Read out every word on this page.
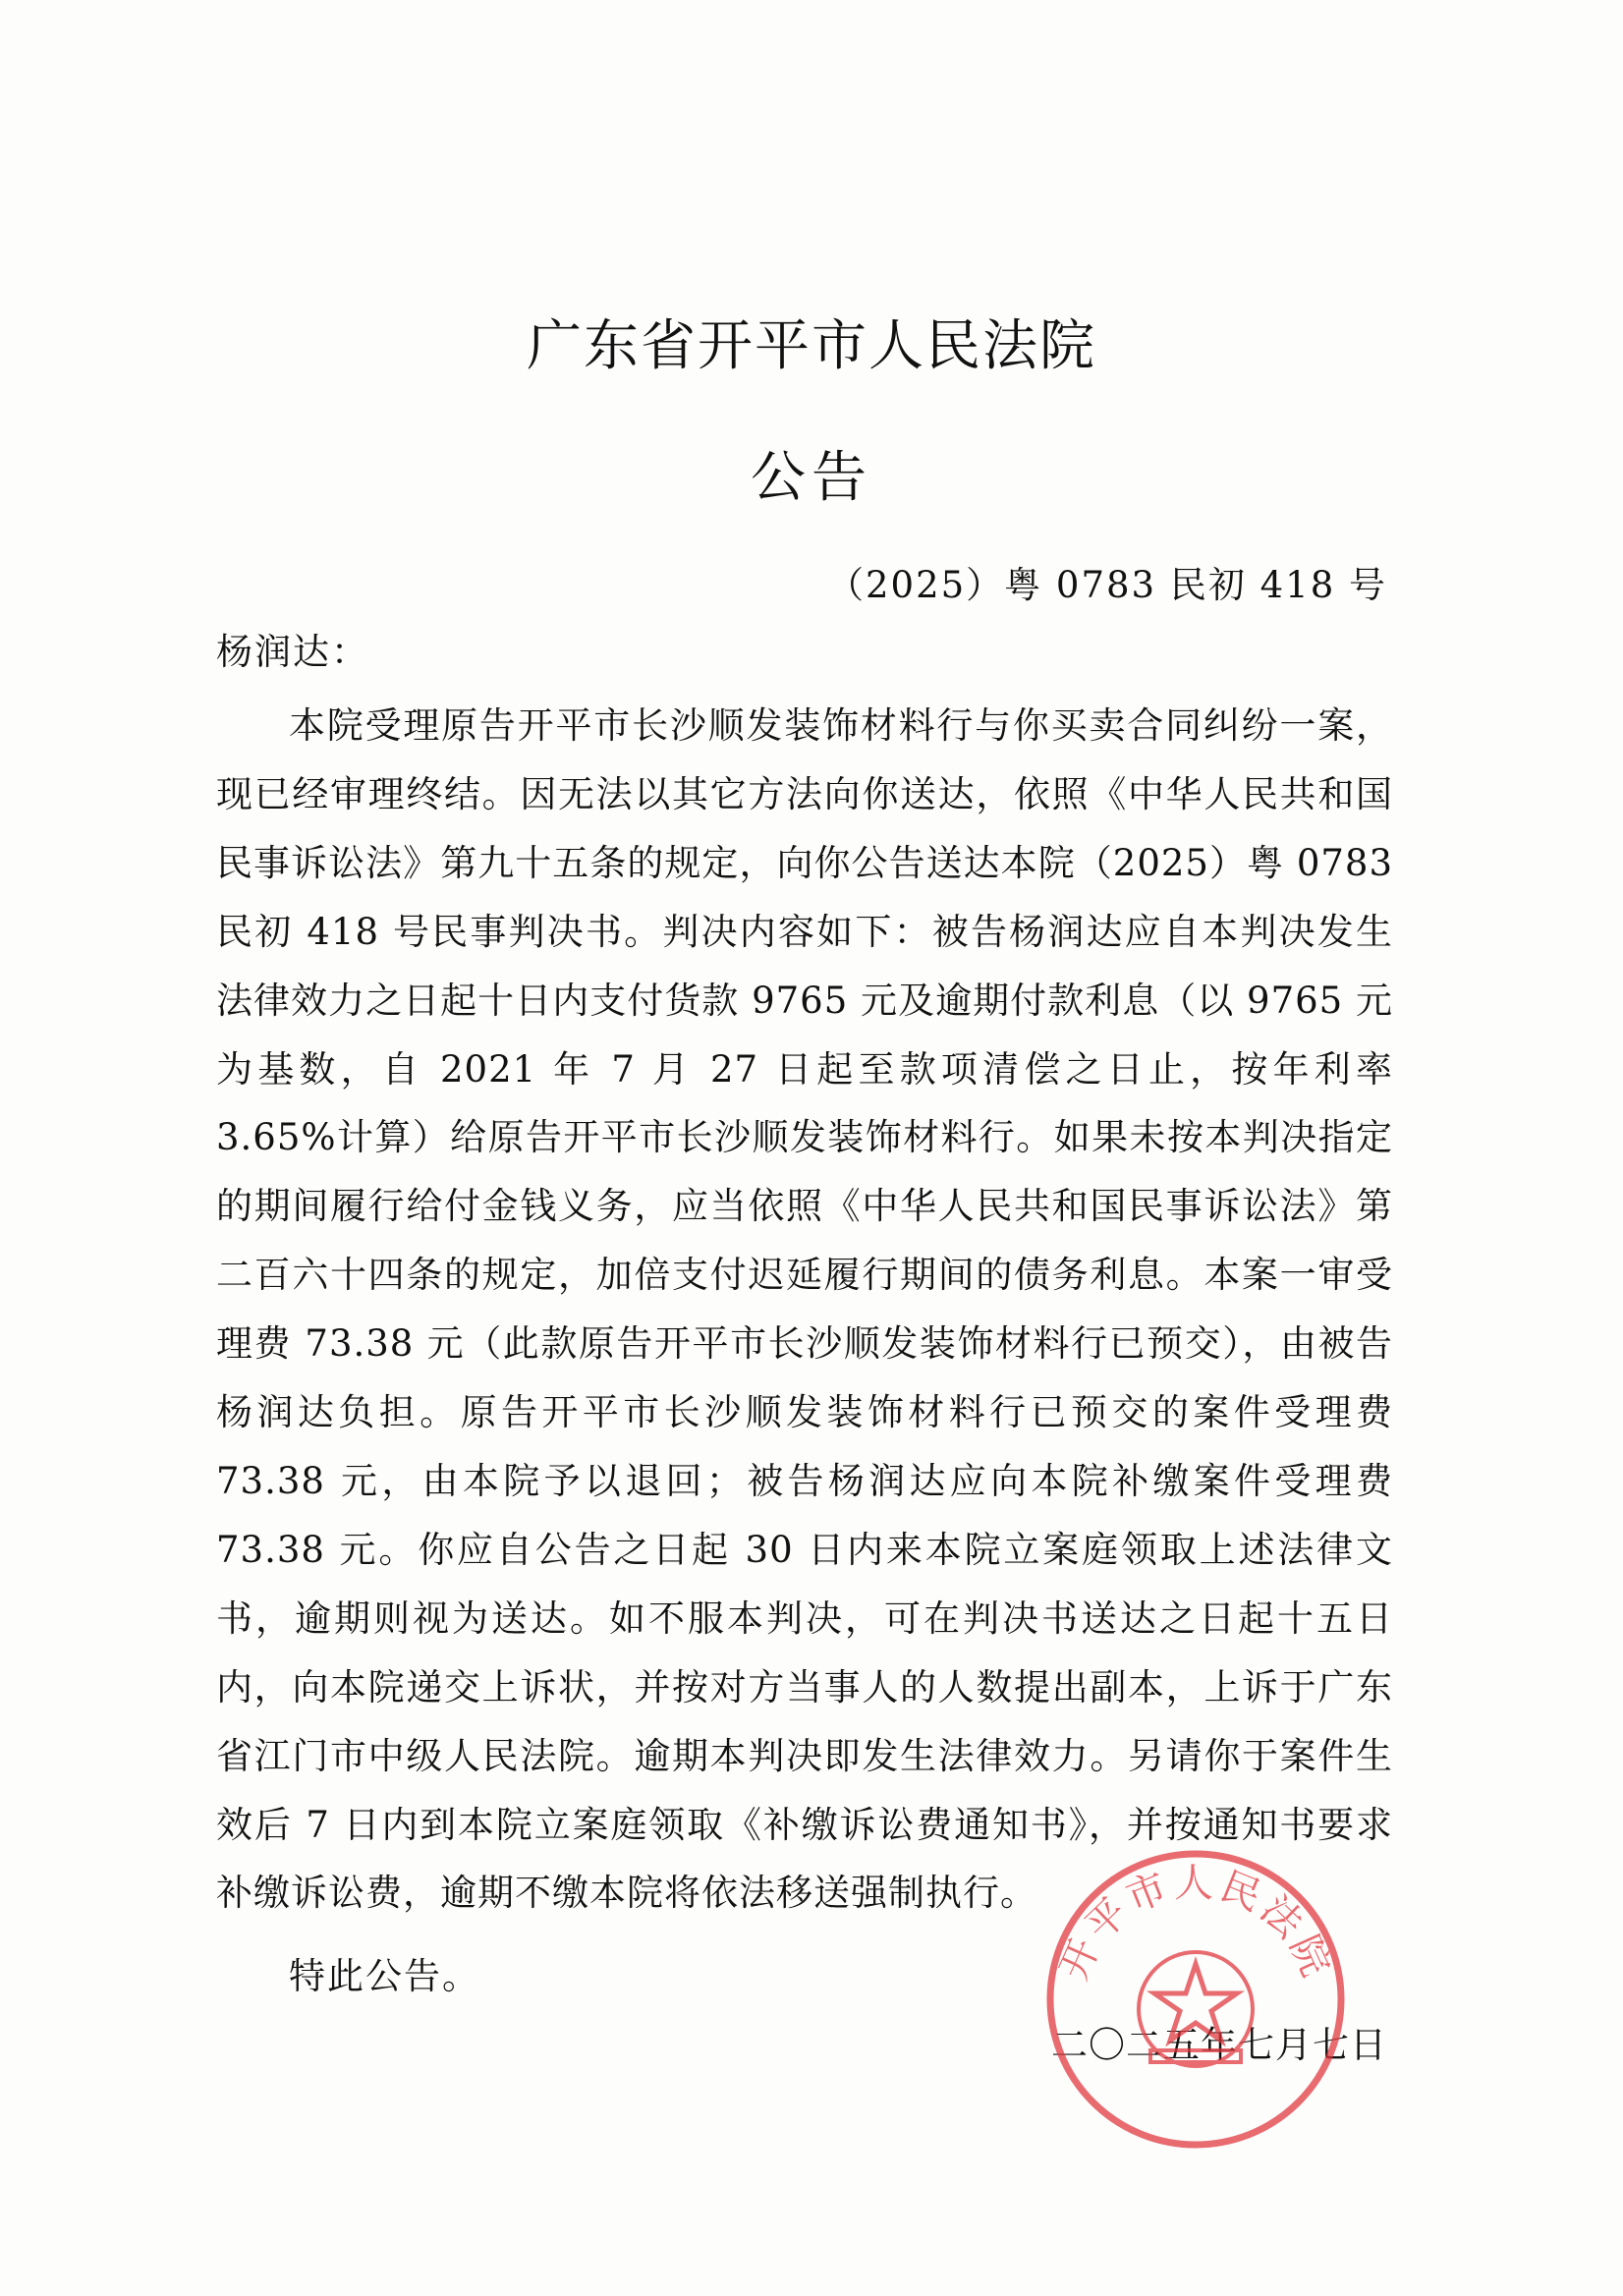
广东省开平市人民法院
公告
（2025）粤 0783 民初 418 号
杨润达：

本院受理原告开平市长沙顺发装饰材料行与你买卖合同纠纷一案，现已经审理终结。因无法以其它方法向你送达，依照《中华人民共和国民事诉讼法》第九十五条的规定，向你公告送达本院（2025）粤 0783 民初 418 号民事判决书。判决内容如下：被告杨润达应自本判决发生法律效力之日起十日内支付货款 9765 元及逾期付款利息（以 9765 元为基数，自 2021 年 7 月 27 日起至款项清偿之日止，按年利率 3.65%计算）给原告开平市长沙顺发装饰材料行。如果未按本判决指定的期间履行给付金钱义务，应当依照《中华人民共和国民事诉讼法》第二百六十四条的规定，加倍支付迟延履行期间的债务利息。本案一审受理费 73.38 元（此款原告开平市长沙顺发装饰材料行已预交），由被告杨润达负担。原告开平市长沙顺发装饰材料行已预交的案件受理费 73.38 元，由本院予以退回；被告杨润达应向本院补缴案件受理费 73.38 元。你应自公告之日起 30 日内来本院立案庭领取上述法律文书，逾期则视为送达。如不服本判决，可在判决书送达之日起十五日内，向本院递交上诉状，并按对方当事人的人数提出副本，上诉于广东省江门市中级人民法院。逾期本判决即发生法律效力。另请你于案件生效后 7 日内到本院立案庭领取《补缴诉讼费通知书》，并按通知书要求补缴诉讼费，逾期不缴本院将依法移送强制执行。

特此公告。
二〇二五年七月七日
开平市人民法院
